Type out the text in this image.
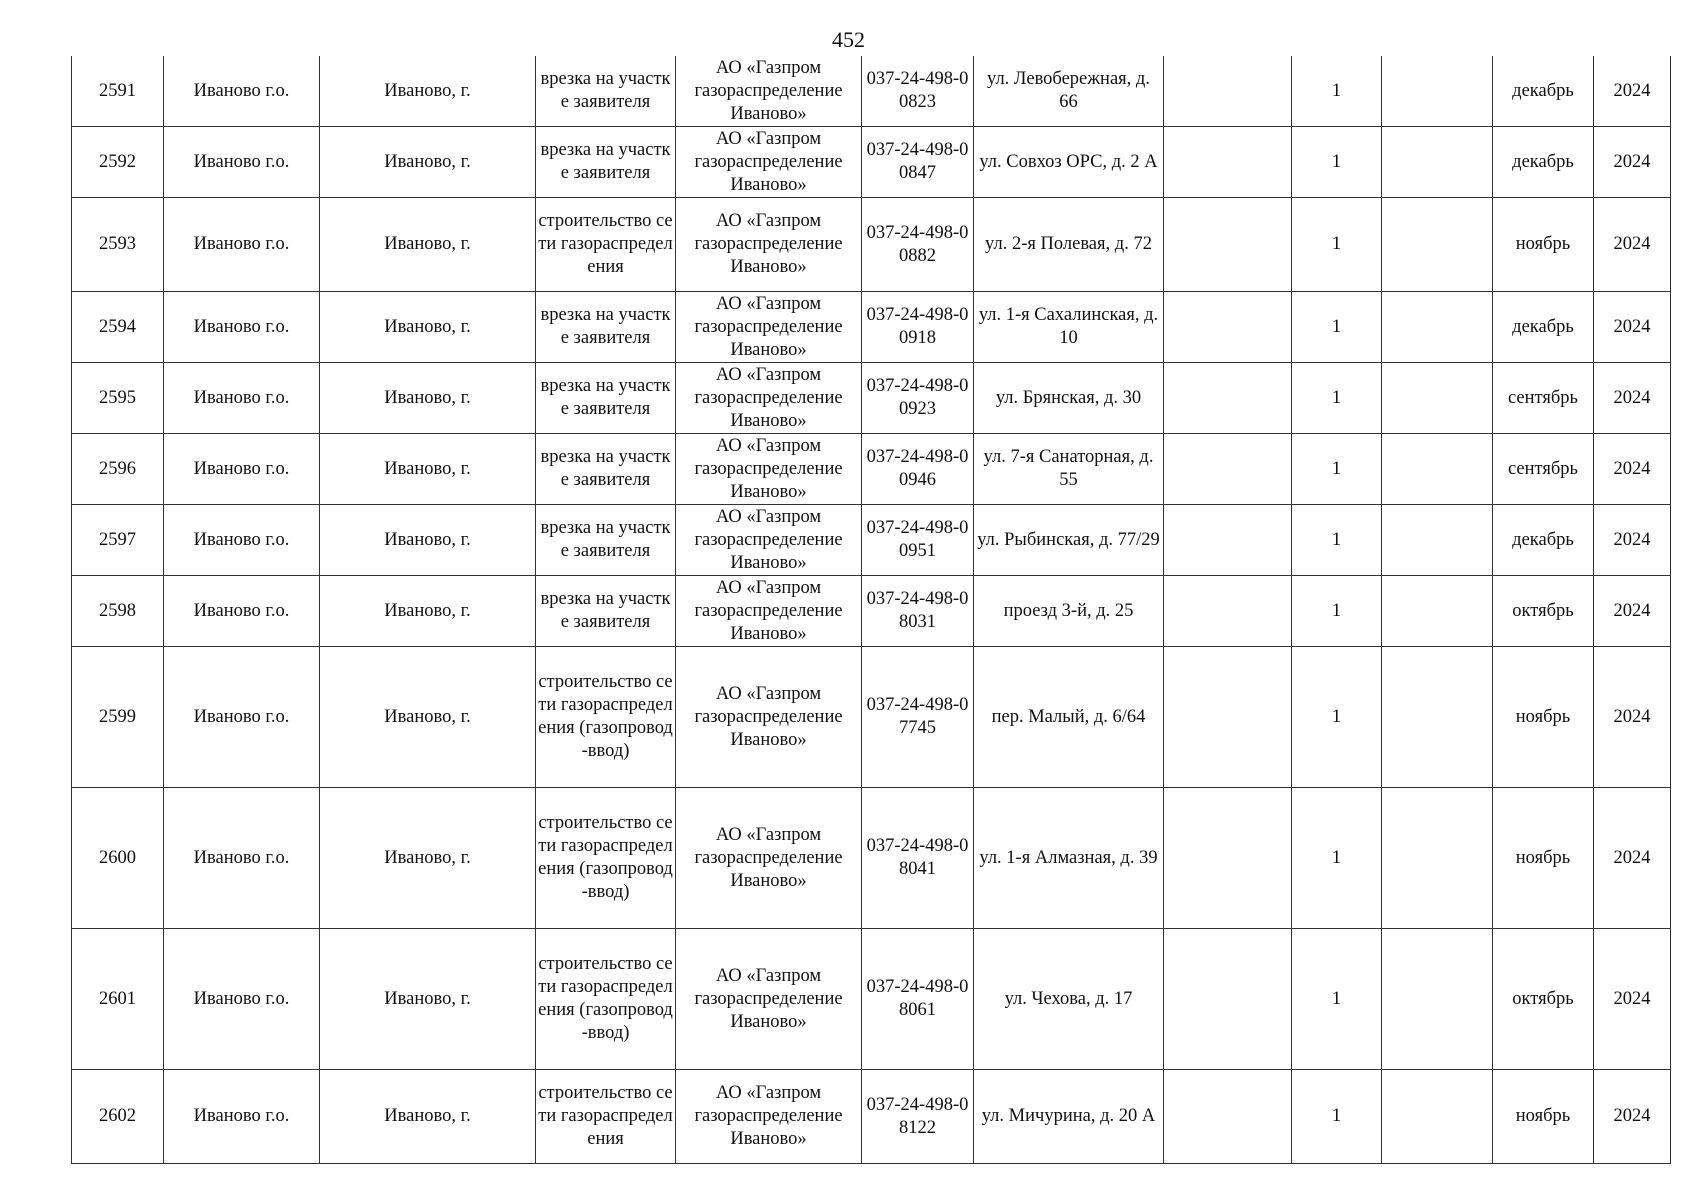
452
2591	Иваново г.о.	Иваново, г.	врезка на участке заявителя	АО «Газпром газораспределение Иваново»	037-24-498-00823	ул. Левобережная, д. 66		1		декабрь	2024
2592	Иваново г.о.	Иваново, г.	врезка на участке заявителя	АО «Газпром газораспределение Иваново»	037-24-498-00847	ул. Совхоз ОРС, д. 2 А		1		декабрь	2024
2593	Иваново г.о.	Иваново, г.	строительство сети газораспределения	АО «Газпром газораспределение Иваново»	037-24-498-00882	ул. 2-я Полевая, д. 72		1		ноябрь	2024
2594	Иваново г.о.	Иваново, г.	врезка на участке заявителя	АО «Газпром газораспределение Иваново»	037-24-498-00918	ул. 1-я Сахалинская, д. 10		1		декабрь	2024
2595	Иваново г.о.	Иваново, г.	врезка на участке заявителя	АО «Газпром газораспределение Иваново»	037-24-498-00923	ул. Брянская, д. 30		1		сентябрь	2024
2596	Иваново г.о.	Иваново, г.	врезка на участке заявителя	АО «Газпром газораспределение Иваново»	037-24-498-00946	ул. 7-я Санаторная, д. 55		1		сентябрь	2024
2597	Иваново г.о.	Иваново, г.	врезка на участке заявителя	АО «Газпром газораспределение Иваново»	037-24-498-00951	ул. Рыбинская, д. 77/29		1		декабрь	2024
2598	Иваново г.о.	Иваново, г.	врезка на участке заявителя	АО «Газпром газораспределение Иваново»	037-24-498-08031	проезд 3-й, д. 25		1		октябрь	2024
2599	Иваново г.о.	Иваново, г.	строительство сети газораспределения (газопровод-ввод)	АО «Газпром газораспределение Иваново»	037-24-498-07745	пер. Малый, д. 6/64		1		ноябрь	2024
2600	Иваново г.о.	Иваново, г.	строительство сети газораспределения (газопровод-ввод)	АО «Газпром газораспределение Иваново»	037-24-498-08041	ул. 1-я Алмазная, д. 39		1		ноябрь	2024
2601	Иваново г.о.	Иваново, г.	строительство сети газораспределения (газопровод-ввод)	АО «Газпром газораспределение Иваново»	037-24-498-08061	ул. Чехова, д. 17		1		октябрь	2024
2602	Иваново г.о.	Иваново, г.	строительство сети газораспределения	АО «Газпром газораспределение Иваново»	037-24-498-08122	ул. Мичурина, д. 20 А		1		ноябрь	2024
